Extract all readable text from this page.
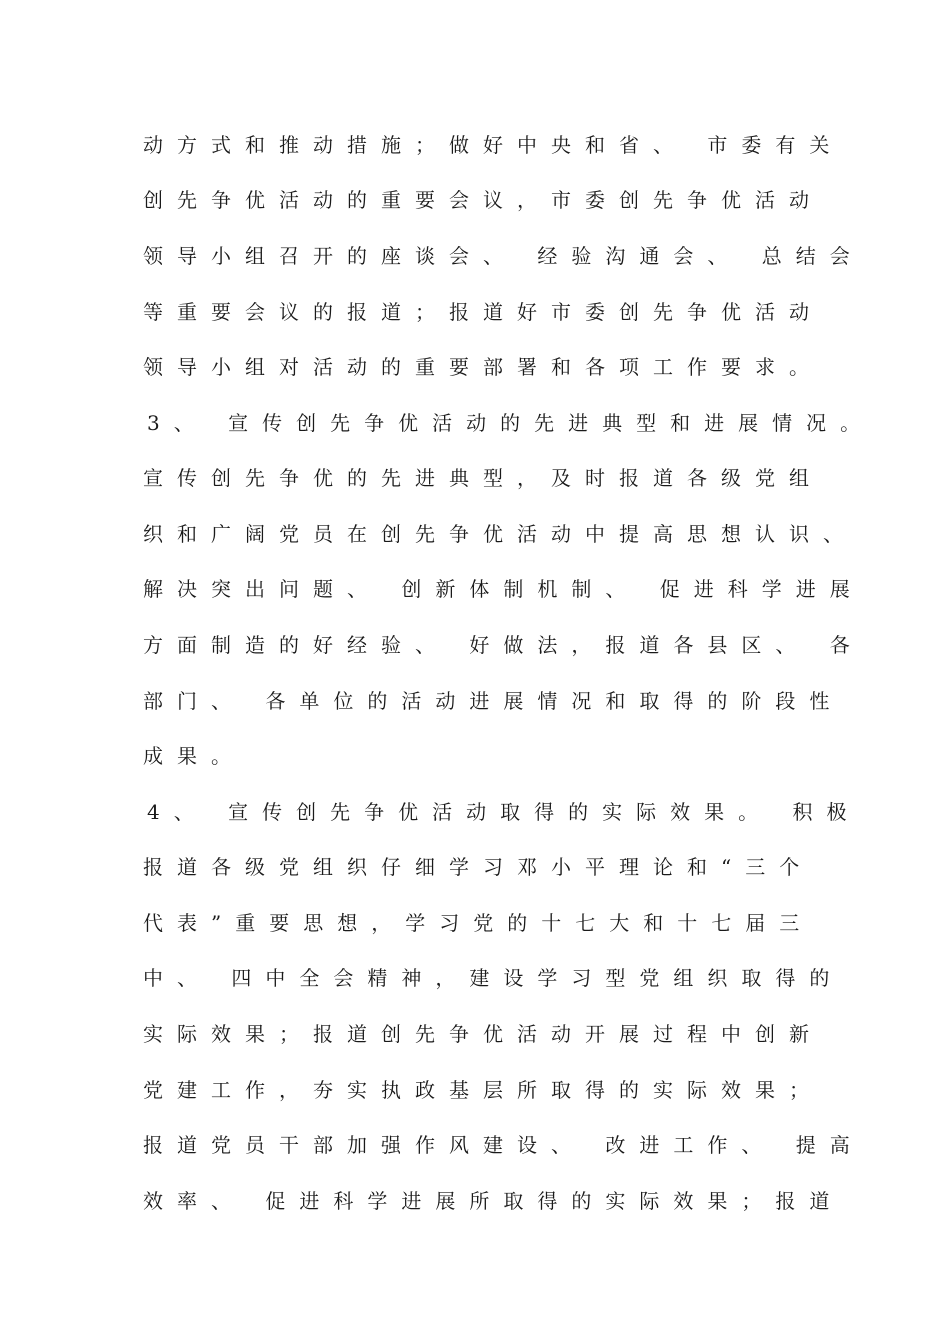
动方式和推动措施；做好中央和省、 市委有关
创先争优活动的重要会议，市委创先争优活动
领导小组召开的座谈会、 经验沟通会、 总结会
等重要会议的报道；报道好市委创先争优活动
领导小组对活动的重要部署和各项工作要求。
3、 宣传创先争优活动的先进典型和进展情况。
宣传创先争优的先进典型，及时报道各级党组
织和广阔党员在创先争优活动中提高思想认识、
解决突出问题、 创新体制机制、 促进科学进展
方面制造的好经验、 好做法，报道各县区、 各
部门、 各单位的活动进展情况和取得的阶段性
成果。
4、 宣传创先争优活动取得的实际效果。 积极
报道各级党组织仔细学习邓小平理论和“三个
代表”重要思想，学习党的十七大和十七届三
中、 四中全会精神，建设学习型党组织取得的
实际效果；报道创先争优活动开展过程中创新
党建工作，夯实执政基层所取得的实际效果；
报道党员干部加强作风建设、 改进工作、 提高
效率、 促进科学进展所取得的实际效果；报道
